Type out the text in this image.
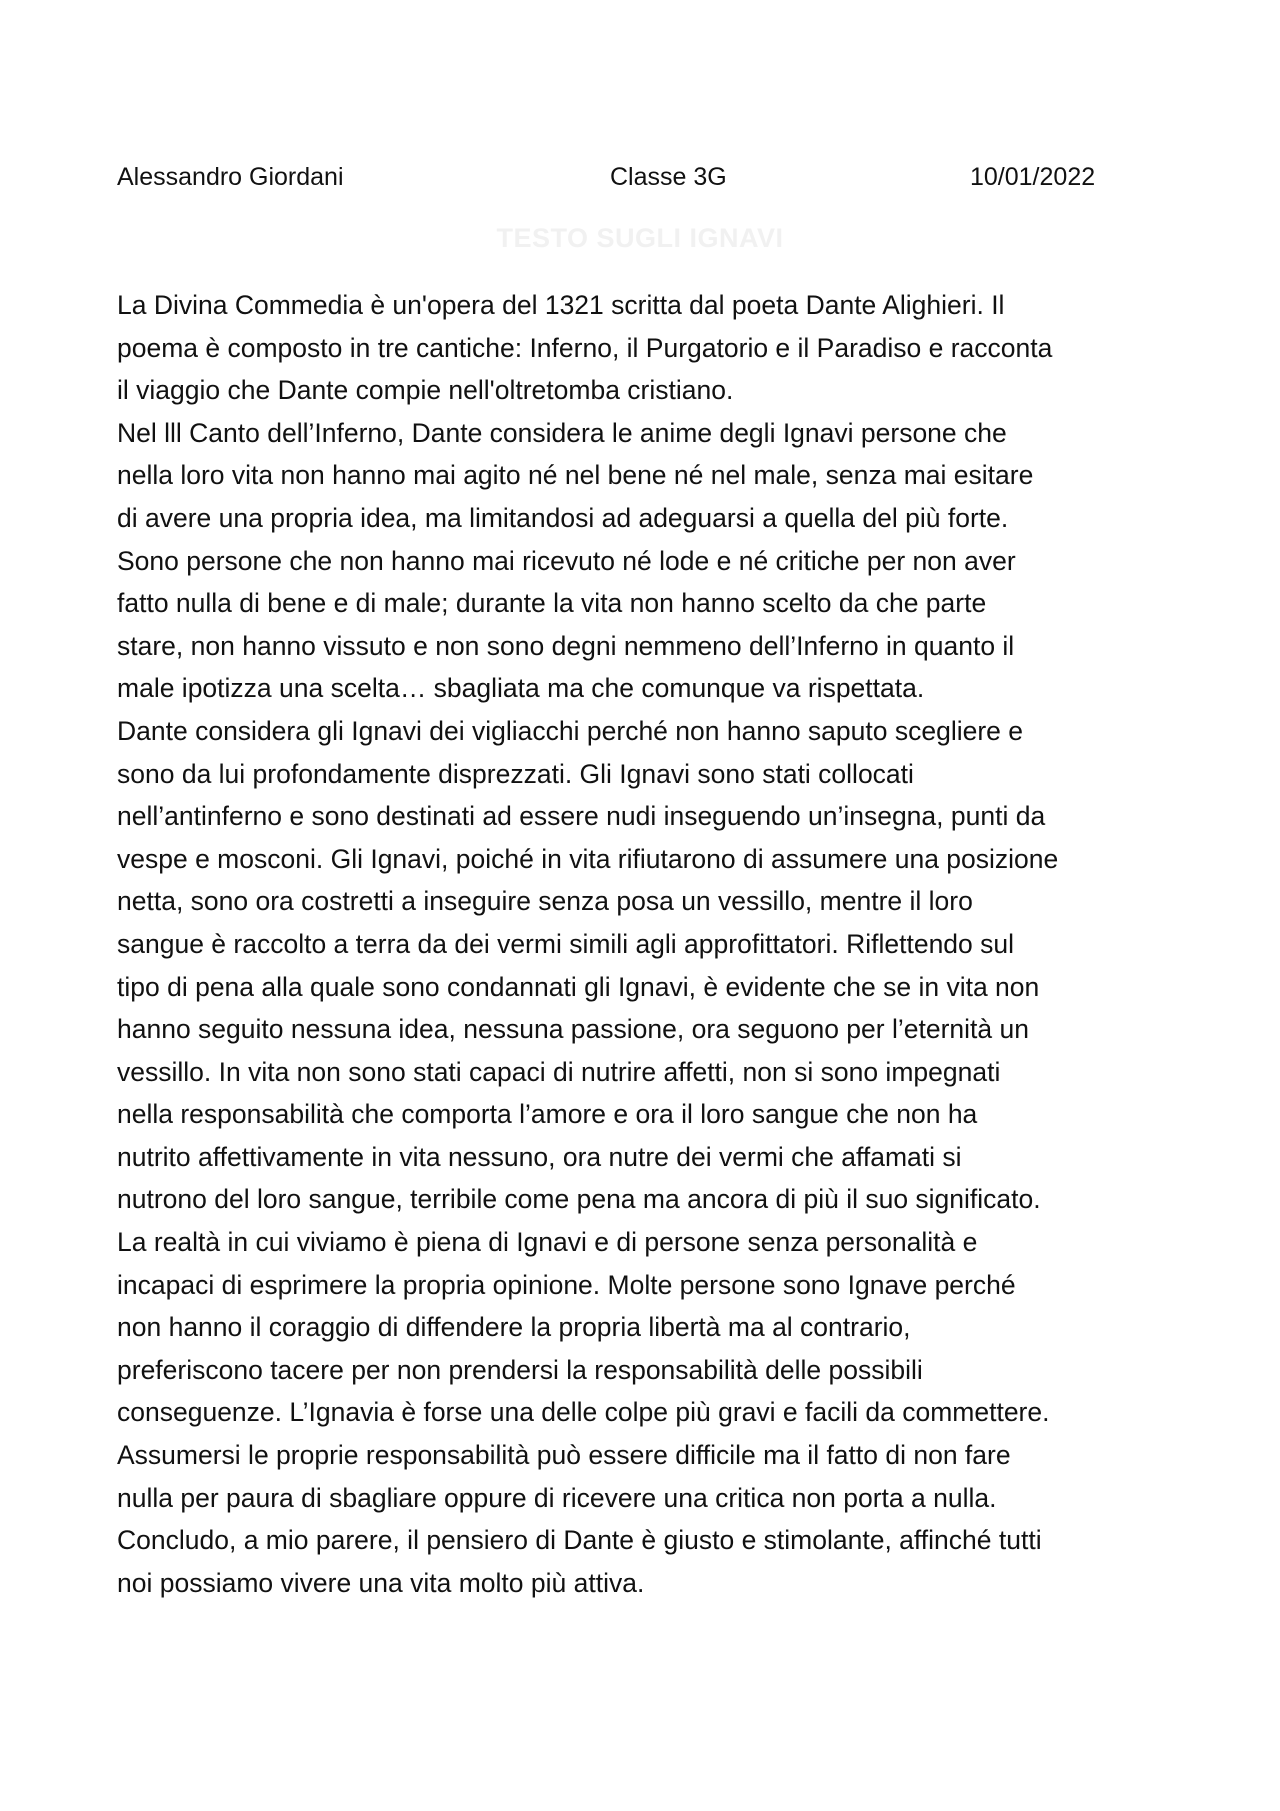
Alessandro Giordani	Classe 3G	10/01/2022
TESTO SUGLI IGNAVI
La Divina Commedia è un'opera del 1321 scritta dal poeta Dante Alighieri. Il
poema è composto in tre cantiche: Inferno, il Purgatorio e il Paradiso e racconta
il viaggio che Dante compie nell'oltretomba cristiano.
Nel lll Canto dell’Inferno, Dante considera le anime degli Ignavi persone che
nella loro vita non hanno mai agito né nel bene né nel male, senza mai esitare
di avere una propria idea, ma limitandosi ad adeguarsi a quella del più forte.
Sono persone che non hanno mai ricevuto né lode e né critiche per non aver
fatto nulla di bene e di male; durante la vita non hanno scelto da che parte
stare, non hanno vissuto e non sono degni nemmeno dell’Inferno in quanto il
male ipotizza una scelta… sbagliata ma che comunque va rispettata.
Dante considera gli Ignavi dei vigliacchi perché non hanno saputo scegliere e
sono da lui profondamente disprezzati. Gli Ignavi sono stati collocati
nell’antinferno e sono destinati ad essere nudi inseguendo un’insegna, punti da
vespe e mosconi. Gli Ignavi, poiché in vita rifiutarono di assumere una posizione
netta, sono ora costretti a inseguire senza posa un vessillo, mentre il loro
sangue è raccolto a terra da dei vermi simili agli approfittatori. Riflettendo sul
tipo di pena alla quale sono condannati gli Ignavi, è evidente che se in vita non
hanno seguito nessuna idea, nessuna passione, ora seguono per l’eternità un
vessillo. In vita non sono stati capaci di nutrire affetti, non si sono impegnati
nella responsabilità che comporta l’amore e ora il loro sangue che non ha
nutrito affettivamente in vita nessuno, ora nutre dei vermi che affamati si
nutrono del loro sangue, terribile come pena ma ancora di più il suo significato.
La realtà in cui viviamo è piena di Ignavi e di persone senza personalità e
incapaci di esprimere la propria opinione. Molte persone sono Ignave perché
non hanno il coraggio di diffendere la propria libertà ma al contrario,
preferiscono tacere per non prendersi la responsabilità delle possibili
conseguenze. L’Ignavia è forse una delle colpe più gravi e facili da commettere.
Assumersi le proprie responsabilità può essere difficile ma il fatto di non fare
nulla per paura di sbagliare oppure di ricevere una critica non porta a nulla.
Concludo, a mio parere, il pensiero di Dante è giusto e stimolante, affinché tutti
noi possiamo vivere una vita molto più attiva.
